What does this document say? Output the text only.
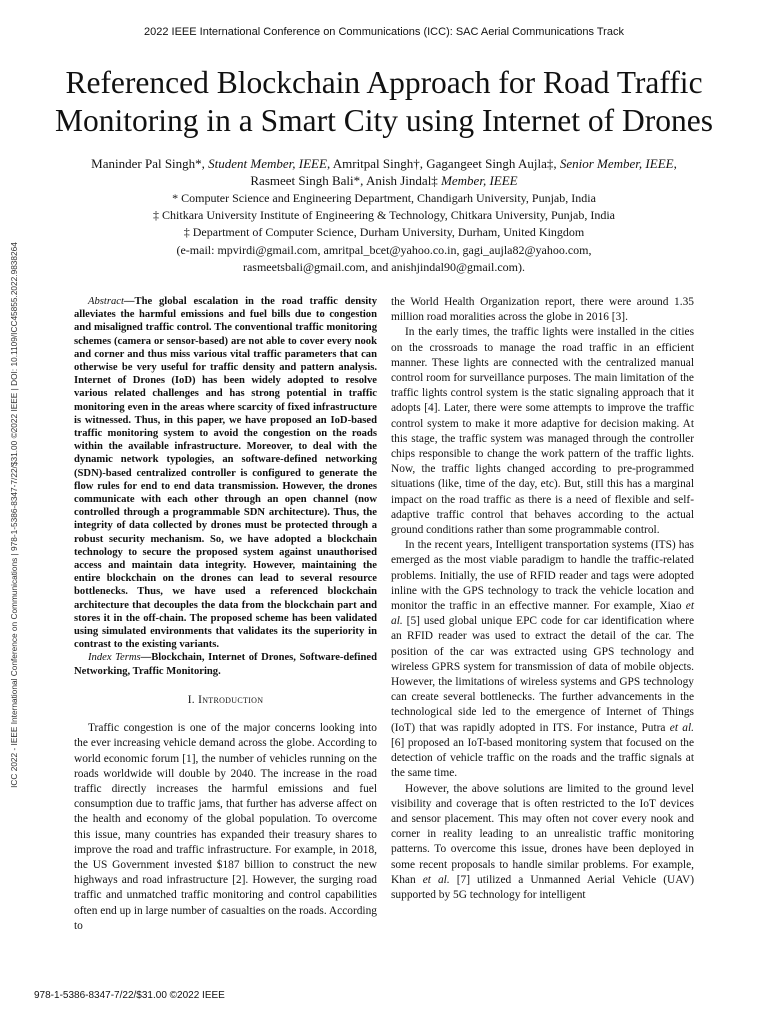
2022 IEEE International Conference on Communications (ICC): SAC Aerial Communications Track
Referenced Blockchain Approach for Road Traffic Monitoring in a Smart City using Internet of Drones
Maninder Pal Singh*, Student Member, IEEE, Amritpal Singh†, Gagangeet Singh Aujla‡, Senior Member, IEEE,
Rasmeet Singh Bali*, Anish Jindal‡ Member, IEEE
* Computer Science and Engineering Department, Chandigarh University, Punjab, India
‡ Chitkara University Institute of Engineering & Technology, Chitkara University, Punjab, India
‡ Department of Computer Science, Durham University, Durham, United Kingdom
(e-mail: mpvirdi@gmail.com, amritpal_bcet@yahoo.co.in, gagi_aujla82@yahoo.com,
rasmeetsbali@gmail.com, and anishjindal90@gmail.com).
ICC 2022 - IEEE International Conference on Communications | 978-1-5386-8347-7/22/$31.00 ©2022 IEEE | DOI: 10.1109/ICC45855.2022.9838264	Abstract—The global escalation in the road traffic density alleviates the harmful emissions and fuel bills due to congestion and misaligned traffic control. The conventional traffic monitoring schemes (camera or sensor-based) are not able to cover every nook and corner and thus miss various vital traffic parameters that can otherwise be very useful for traffic density and pattern analysis. Internet of Drones (IoD) has been widely adopted to resolve various related challenges and has strong potential in traffic monitoring even in the areas where scarcity of fixed infrastructure is witnessed. Thus, in this paper, we have proposed an IoD-based traffic monitoring system to avoid the congestion on the roads within the available infrastructure. Moreover, to deal with the dynamic network typologies, an software-defined networking (SDN)-based centralized controller is configured to generate the flow rules for end to end data transmission. However, the drones communicate with each other through an open channel (now controlled through a programmable SDN architecture). Thus, the integrity of data collected by drones must be protected through a robust security mechanism. So, we have adopted a blockchain technology to secure the proposed system against unauthorised access and maintain data integrity. However, maintaining the entire blockchain on the drones can lead to several resource bottlenecks. Thus, we have used a referenced blockchain architecture that decouples the data from the blockchain part and stores it in the off-chain. The proposed scheme has been validated using simulated environments that validates its the superiority in contrast to the existing variants.

Index Terms—Blockchain, Internet of Drones, Software-defined Networking, Traffic Monitoring.

I. Introduction

Traffic congestion is one of the major concerns looking into the ever increasing vehicle demand across the globe. According to world economic forum [1], the number of vehicles running on the roads worldwide will double by 2040. The increase in the road traffic directly increases the harmful emissions and fuel consumption due to traffic jams, that further has adverse affect on the health and economy of the global population. To overcome this issue, many countries has expanded their treasury shares to improve the road and traffic infrastructure. For example, in 2018, the US Government invested $187 billion to construct the new highways and road infrastructure [2]. However, the surging road traffic and unmatched traffic monitoring and control capabilities often end up in large number of casualties on the roads. According to

the World Health Organization report, there were around 1.35 million road moralities across the globe in 2016 [3].

In the early times, the traffic lights were installed in the cities on the crossroads to manage the road traffic in an efficient manner. These lights are connected with the centralized manual control room for surveillance purposes. The main limitation of the traffic lights control system is the static signaling approach that it adopts [4]. Later, there were some attempts to improve the traffic control system to make it more adaptive for decision making. At this stage, the traffic system was managed through the controller chips responsible to change the work pattern of the traffic lights. Now, the traffic lights changed according to pre-programmed situations (like, time of the day, etc). But, still this has a marginal impact on the road traffic as there is a need of flexible and self-adaptive traffic control that behaves according to the actual ground conditions rather than some programmable control.

In the recent years, Intelligent transportation systems (ITS) has emerged as the most viable paradigm to handle the traffic-related problems. Initially, the use of RFID reader and tags were adopted inline with the GPS technology to track the vehicle location and monitor the traffic in an effective manner. For example, Xiao et al. [5] used global unique EPC code for car identification where an RFID reader was used to extract the detail of the car. The position of the car was extracted using GPS technology and wireless GPRS system for transmission of data of mobile objects. However, the limitations of wireless systems and GPS technology can create several bottlenecks. The further advancements in the technological side led to the emergence of Internet of Things (IoT) that was rapidly adopted in ITS. For instance, Putra et al. [6] proposed an IoT-based monitoring system that focused on the detection of vehicle traffic on the roads and the traffic signals at the same time.

However, the above solutions are limited to the ground level visibility and coverage that is often restricted to the IoT devices and sensor placement. This may often not cover every nook and corner in reality leading to an unrealistic traffic monitoring patterns. To overcome this issue, drones have been deployed in some recent proposals to handle similar problems. For example, Khan et al. [7] utilized a Unmanned Aerial Vehicle (UAV) supported by 5G technology for intelligent

978-1-5386-8347-7/22/$31.00 ©2022 IEEE
